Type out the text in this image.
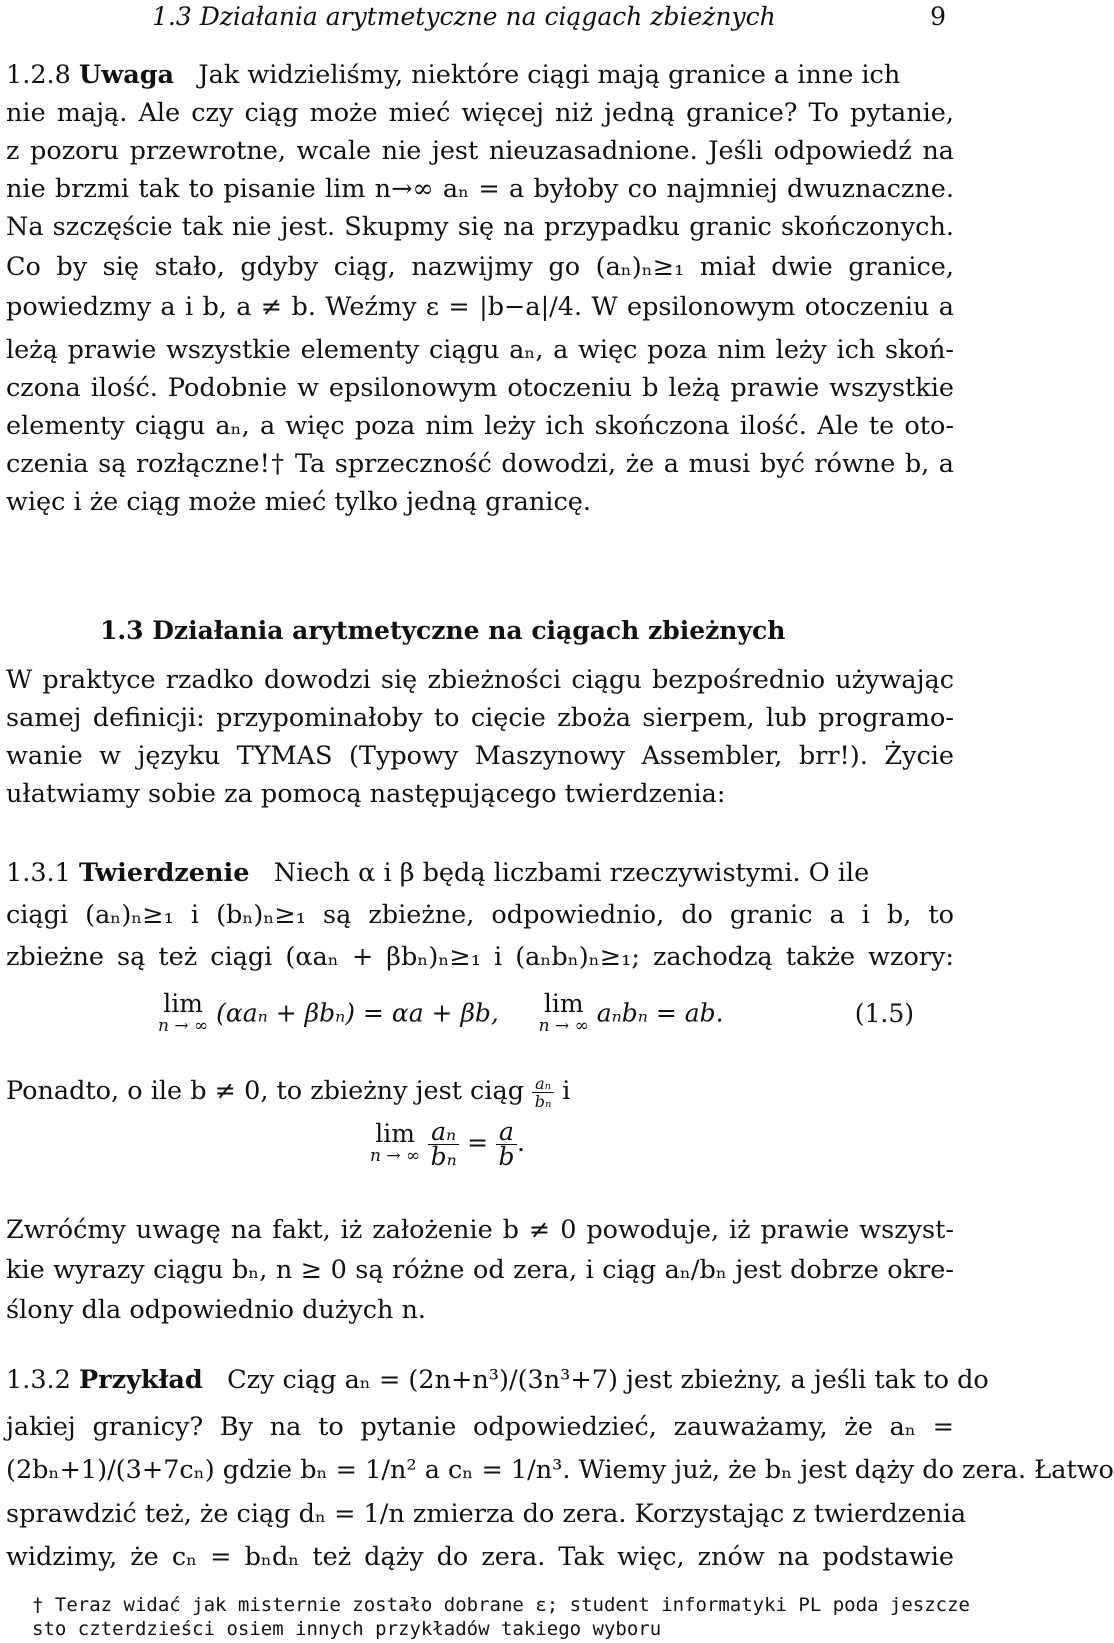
1.3 Działania arytmetyczne na ciągach zbieżnych	9
1.2.8 Uwaga Jak widzieliśmy, niektóre ciągi mają granice a inne ich
nie mają. Ale czy ciąg może mieć więcej niż jedną granice? To pytanie,
z pozoru przewrotne, wcale nie jest nieuzasadnione. Jeśli odpowiedź na
nie brzmi tak to pisanie lim n→∞ aₙ = a byłoby co najmniej dwuznaczne.
Na szczęście tak nie jest. Skupmy się na przypadku granic skończonych.
Co by się stało, gdyby ciąg, nazwijmy go (aₙ)ₙ≥₁ miał dwie granice,
powiedzmy a i b, a ≠ b. Weźmy ε = |b−a|/4. W epsilonowym otoczeniu a
leżą prawie wszystkie elementy ciągu aₙ, a więc poza nim leży ich skoń-
czona ilość. Podobnie w epsilonowym otoczeniu b leżą prawie wszystkie
elementy ciągu aₙ, a więc poza nim leży ich skończona ilość. Ale te oto-
czenia są rozłączne!† Ta sprzeczność dowodzi, że a musi być równe b, a
więc i że ciąg może mieć tylko jedną granicę.
1.3 Działania arytmetyczne na ciągach zbieżnych
W praktyce rzadko dowodzi się zbieżności ciągu bezpośrednio używając
samej definicji: przypominałoby to cięcie zboża sierpem, lub programo-
wanie w języku TYMAS (Typowy Maszynowy Assembler, brr!). Życie
ułatwiamy sobie za pomocą następującego twierdzenia:
1.3.1 Twierdzenie Niech α i β będą liczbami rzeczywistymi. O ile
ciągi (aₙ)ₙ≥₁ i (bₙ)ₙ≥₁ są zbieżne, odpowiednio, do granic a i b, to
zbieżne są też ciągi (αaₙ + βbₙ)ₙ≥₁ i (aₙbₙ)ₙ≥₁; zachodzą także wzory:
lim
n → ∞ (αaₙ + βbₙ) = αa + βb, lim
n → ∞ aₙbₙ = ab.	(1.5)
Ponadto, o ile b ≠ 0, to zbieżny jest ciąg $\frac{\text{aₙ}}{\text{bₙ}}$ i
lim
n → ∞
$\frac{\text{aₙ}}{\text{bₙ}} = \frac{a}{b}$ .
Zwróćmy uwagę na fakt, iż założenie b ≠ 0 powoduje, iż prawie wszyst-
kie wyrazy ciągu bₙ, n ≥ 0 są różne od zera, i ciąg aₙ/bₙ jest dobrze okre-
ślony dla odpowiednio dużych n.
1.3.2 Przykład Czy ciąg aₙ = (2n+n³)/(3n³+7) jest zbieżny, a jeśli tak to do
jakiej granicy? By na to pytanie odpowiedzieć, zauważamy, że aₙ =
(2bₙ+1)/(3+7cₙ) gdzie bₙ = 1/n² a cₙ = 1/n³. Wiemy już, że bₙ jest dąży do zera. Łatwo
sprawdzić też, że ciąg dₙ = 1/n zmierza do zera. Korzystając z twierdzenia
widzimy, że cₙ = bₙdₙ też dąży do zera. Tak więc, znów na podstawie
† Teraz widać jak misternie zostało dobrane ε; student informatyki PL poda jeszcze
sto czterdzieści osiem innych przykładów takiego wyboru
